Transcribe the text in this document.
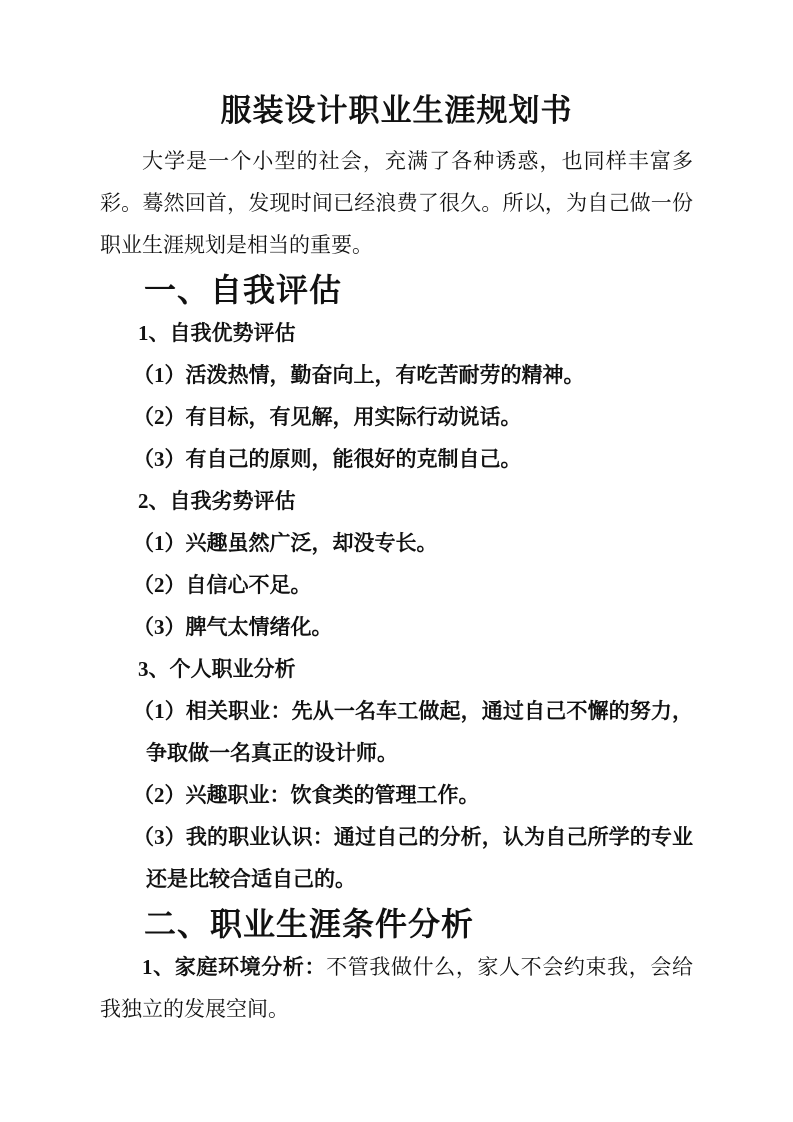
服装设计职业生涯规划书

大学是一个小型的社会，充满了各种诱惑，也同样丰富多彩。蓦然回首，发现时间已经浪费了很久。所以，为自己做一份职业生涯规划是相当的重要。

一、自我评估
1、自我优势评估

（1）活泼热情，勤奋向上，有吃苦耐劳的精神。

（2）有目标，有见解，用实际行动说话。

（3）有自己的原则，能很好的克制自己。

2、自我劣势评估

（1）兴趣虽然广泛，却没专长。

（2）自信心不足。

（3）脾气太情绪化。

3、个人职业分析

（1）相关职业：先从一名车工做起，通过自己不懈的努力，争取做一名真正的设计师。

（2）兴趣职业：饮食类的管理工作。

（3）我的职业认识：通过自己的分析，认为自己所学的专业还是比较合适自己的。

二、职业生涯条件分析

1、家庭环境分析：不管我做什么，家人不会约束我，会给我独立的发展空间。
